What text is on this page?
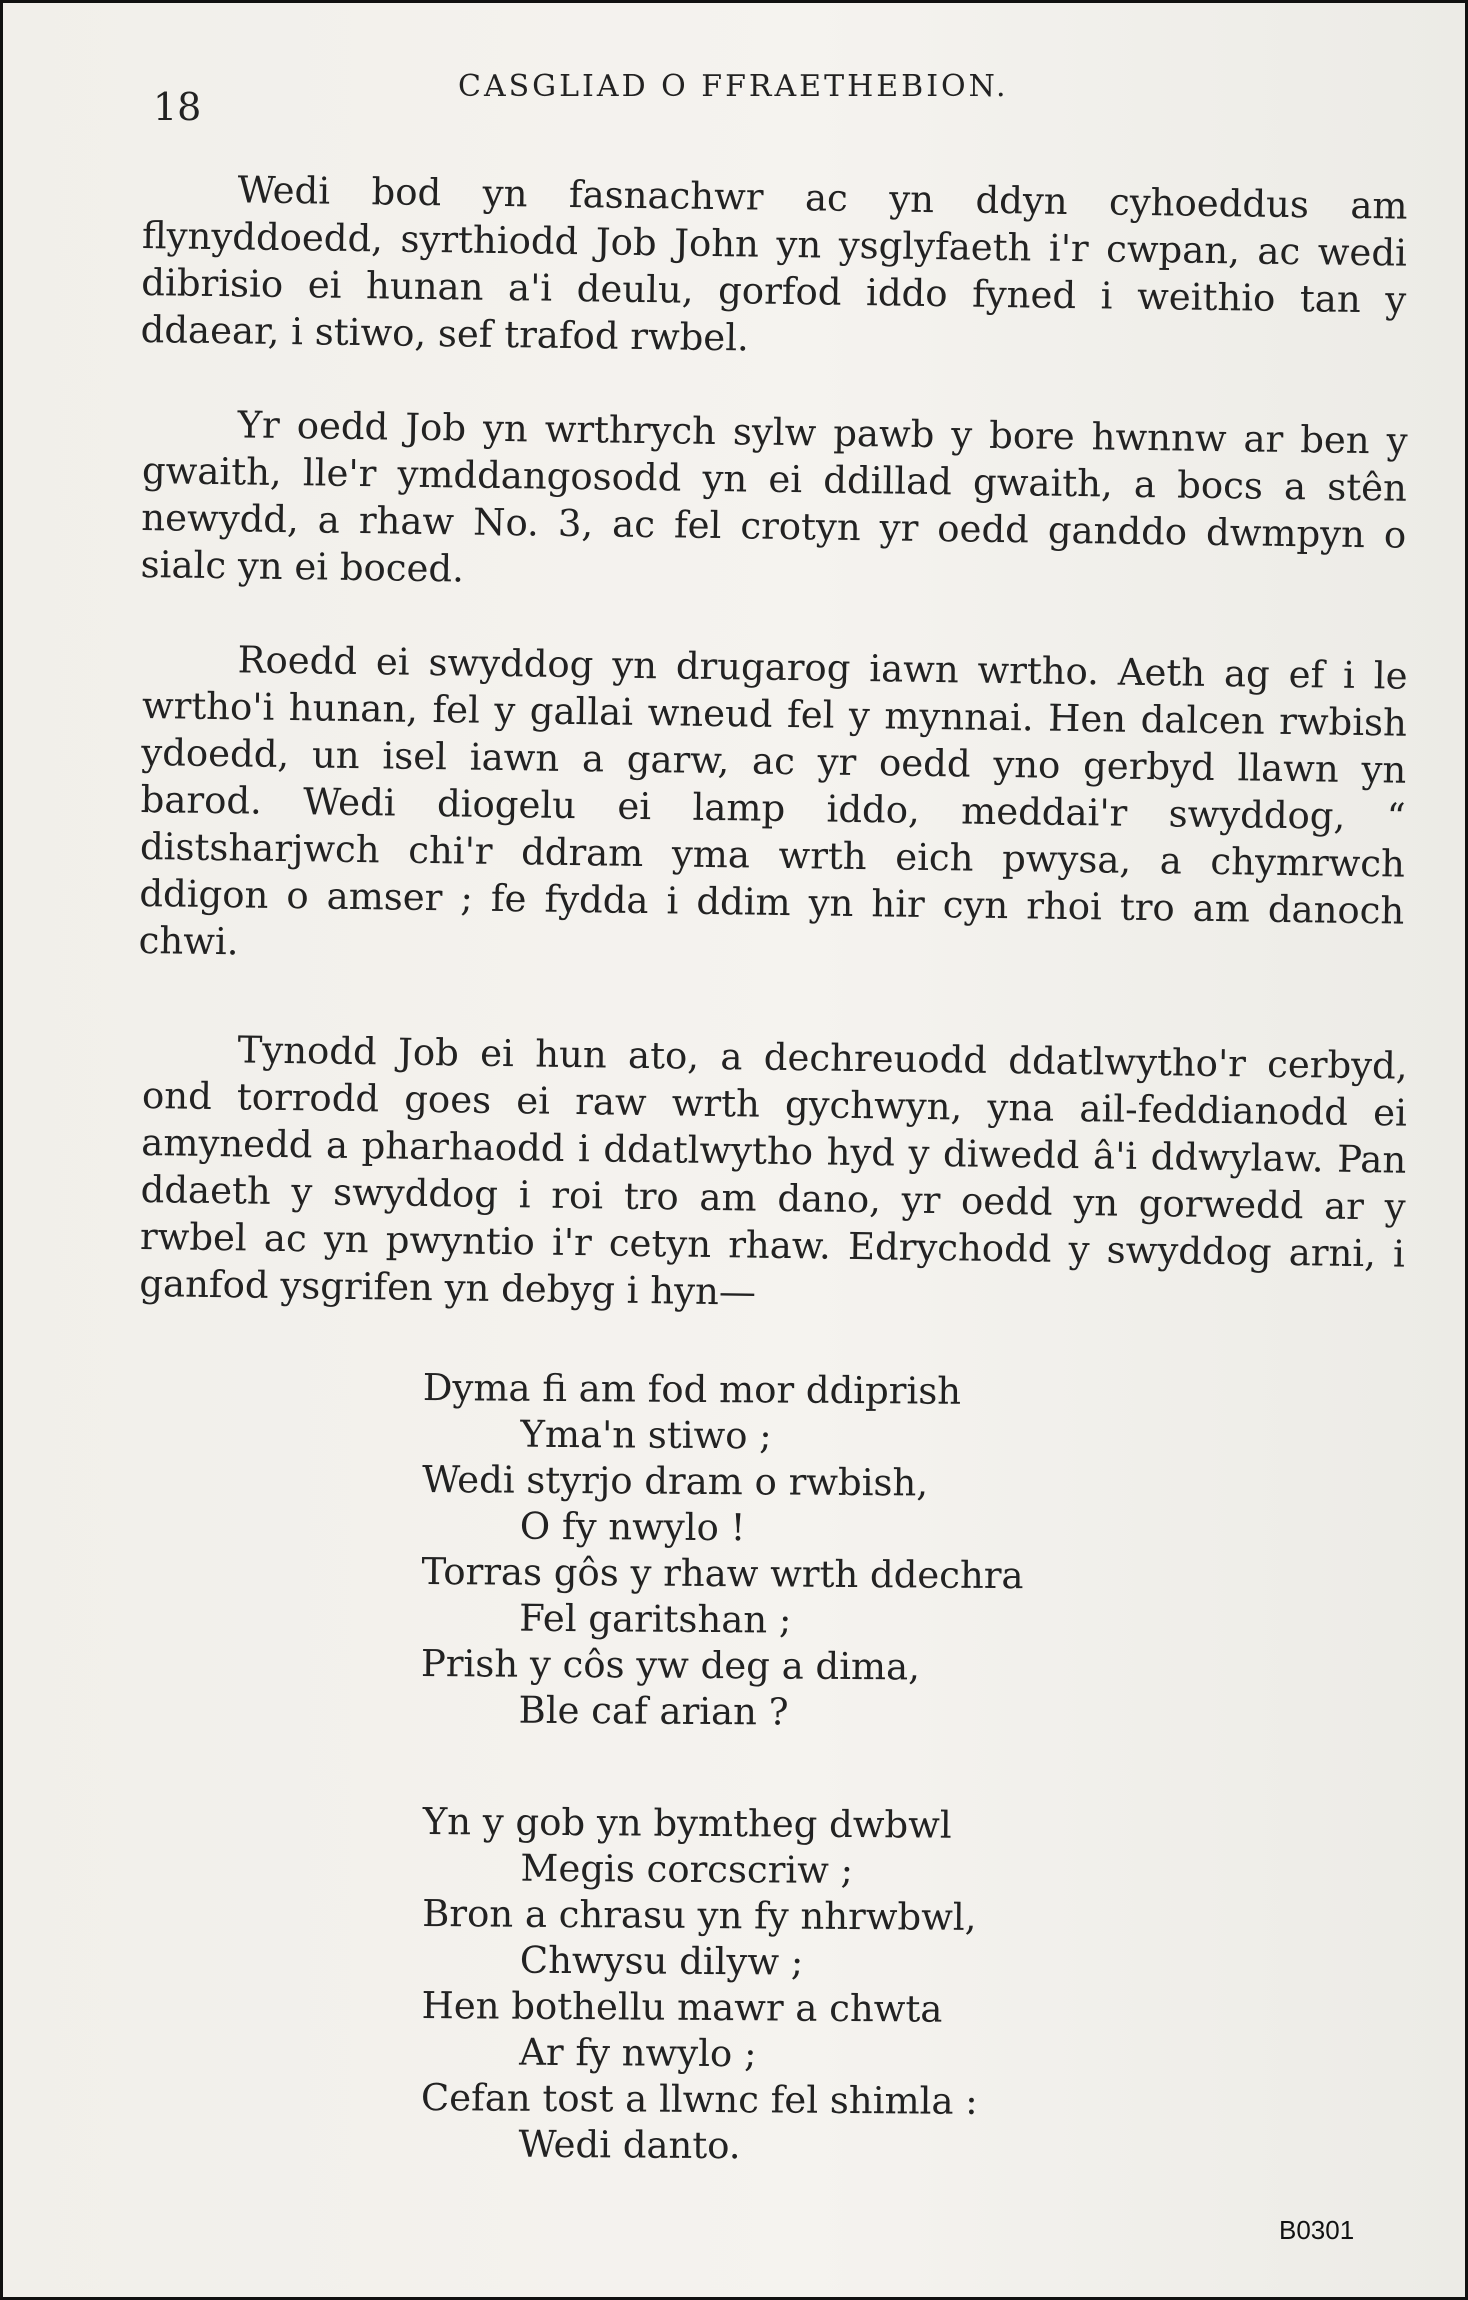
18	CASGLIAD O FFRAETHEBION.

Wedi bod yn fasnachwr ac yn ddyn cyhoeddus am flynyddoedd, syrthiodd Job John yn ysglyfaeth i'r cwpan, ac wedi dibrisio ei hunan a'i deulu, gorfod iddo fyned i weithio tan y ddaear, i stiwo, sef trafod rwbel.

Yr oedd Job yn wrthrych sylw pawb y bore hwnnw ar ben y gwaith, lle'r ymddangosodd yn ei ddillad gwaith, a bocs a stên newydd, a rhaw No. 3, ac fel crotyn yr oedd ganddo dwmpyn o sialc yn ei boced.

Roedd ei swyddog yn drugarog iawn wrtho. Aeth ag ef i le wrtho'i hunan, fel y gallai wneud fel y mynnai. Hen dalcen rwbish ydoedd, un isel iawn a garw, ac yr oedd yno gerbyd llawn yn barod. Wedi diogelu ei lamp iddo, meddai'r swyddog, “ distsharjwch chi'r ddram yma wrth eich pwysa, a chymrwch ddigon o amser ; fe fydda i ddim yn hir cyn rhoi tro am danoch chwi.

Tynodd Job ei hun ato, a dechreuodd ddatlwytho'r cerbyd, ond torrodd goes ei raw wrth gychwyn, yna ail-feddianodd ei amynedd a pharhaodd i ddatlwytho hyd y diwedd â'i ddwylaw. Pan ddaeth y swyddog i roi tro am dano, yr oedd yn gorwedd ar y rwbel ac yn pwyntio i'r cetyn rhaw. Edrychodd y swyddog arni, i ganfod ysgrifen yn debyg i hyn—

Dyma fi am fod mor ddiprish
Yma'n stiwo ;
Wedi styrjo dram o rwbish,
O fy nwylo !
Torras gôs y rhaw wrth ddechra
Fel garitshan ;
Prish y côs yw deg a dima,
Ble caf arian ?
Yn y gob yn bymtheg dwbwl
Megis corcscriw ;
Bron a chrasu yn fy nhrwbwl,
Chwysu dilyw ;
Hen bothellu mawr a chwta
Ar fy nwylo ;
Cefan tost a llwnc fel shimla :
Wedi danto.
B0301
